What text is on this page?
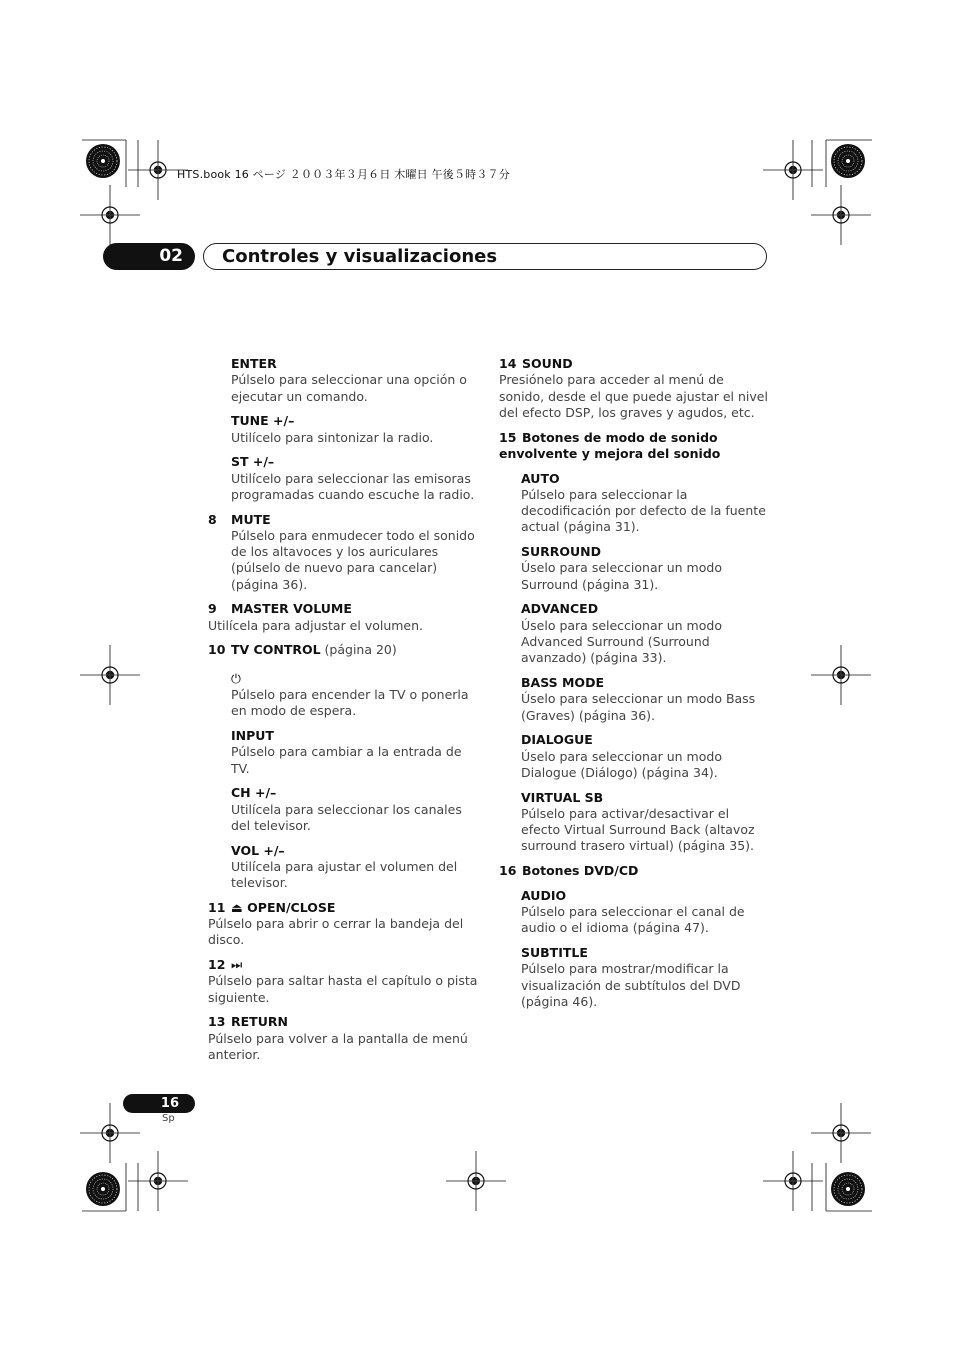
HTS.book 16 ページ ２００３年３月６日 木曜日 午後５時３７分
02	Controles y visualizaciones
ENTER
Púlselo para seleccionar una opción o ejecutar un comando.
TUNE +/–
Utilícelo para sintonizar la radio.
ST +/–
Utilícelo para seleccionar las emisoras programadas cuando escuche la radio.
8 MUTE
Púlselo para enmudecer todo el sonido de los altavoces y los auriculares (púlselo de nuevo para cancelar) (página 36).
9 MASTER VOLUME
Utilícela para adjustar el volumen.
10 TV CONTROL (página 20)
⏻
Púlselo para encender la TV o ponerla en modo de espera.
INPUT
Púlselo para cambiar a la entrada de TV.
CH +/–
Utilícela para seleccionar los canales del televisor.
VOL +/–
Utilícela para ajustar el volumen del televisor.
11 ⏏ OPEN/CLOSE
Púlselo para abrir o cerrar la bandeja del disco.
12 ⏭
Púlselo para saltar hasta el capítulo o pista siguiente.
13 RETURN
Púlselo para volver a la pantalla de menú anterior.
14 SOUND
Presiónelo para acceder al menú de sonido, desde el que puede ajustar el nivel del efecto DSP, los graves y agudos, etc.
15 Botones de modo de sonido envolvente y mejora del sonido
AUTO
Púlselo para seleccionar la decodificación por defecto de la fuente actual (página 31).
SURROUND
Úselo para seleccionar un modo Surround (página 31).
ADVANCED
Úselo para seleccionar un modo Advanced Surround (Surround avanzado) (página 33).
BASS MODE
Úselo para seleccionar un modo Bass (Graves) (página 36).
DIALOGUE
Úselo para seleccionar un modo Dialogue (Diálogo) (página 34).
VIRTUAL SB
Púlselo para activar/desactivar el efecto Virtual Surround Back (altavoz surround trasero virtual) (página 35).
16 Botones DVD/CD
AUDIO
Púlselo para seleccionar el canal de audio o el idioma (página 47).
SUBTITLE
Púlselo para mostrar/modificar la visualización de subtítulos del DVD (página 46).
16
Sp
